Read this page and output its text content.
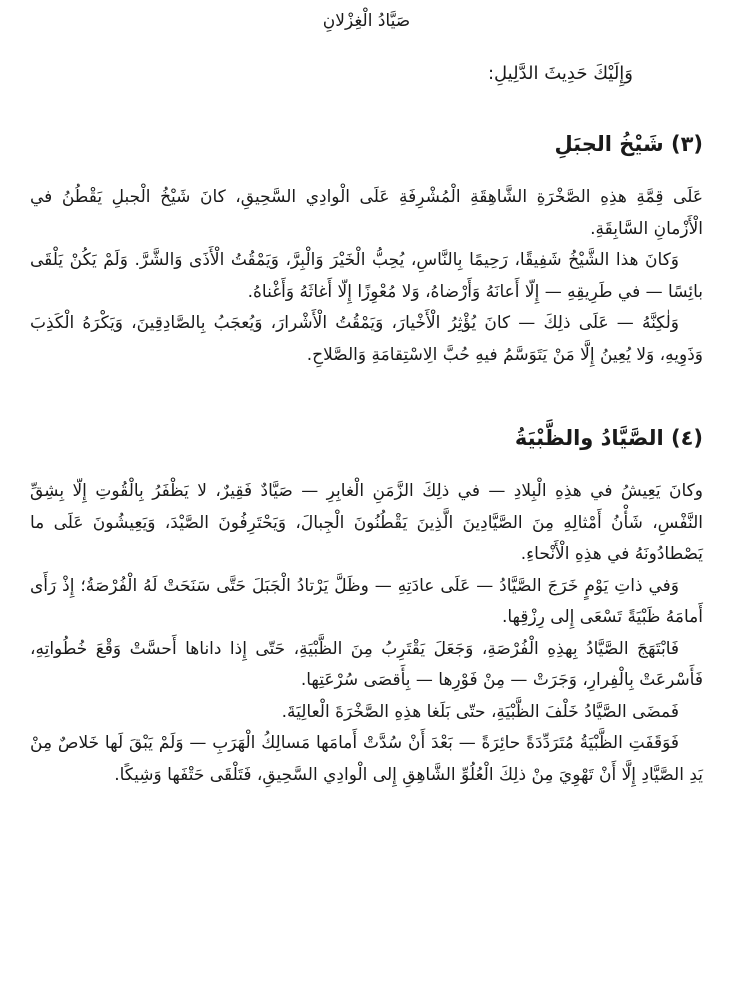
صَيَّادُ الْغِزْلانِ
وَإِلَيْكَ حَدِيثَ الدَّلِيلِ:
(٣) شَيْخُ الجبَلِ

عَلَى قِمَّةِ هذِهِ الصَّخْرَةِ الشَّاهِقَةِ الْمُشْرِفَةِ عَلَى الْوادِي السَّحِيقِ، كانَ شَيْخُ الْجبلِ يَقْطُنُ في الْأَزْمانِ السَّابِقَةِ.

وَكانَ هذا الشَّيْخُ شَفِيقًا، رَحِيمًا بِالنَّاسِ، يُحِبُّ الْخَيْرَ وَالْبِرَّ، وَيَمْقُتُ الْأَذَى وَالشَّرَّ. وَلَمْ يَكُنْ يَلْقَى بائِسًا — في طَرِيقِهِ — إِلّا أَعانَهُ وَأَرْضاهُ، وَلا مُعْوِزًا إِلّا أَغاثَهُ وَأَغْناهُ.

وَلٰكِنَّهُ — عَلَى ذلِكَ — كانَ يُؤْثِرُ الْأَخْيارَ، وَيَمْقُتُ الْأَشْرارَ، وَيُعجَبُ بِالصَّادِقِينَ، وَيَكْرَهُ الْكَذِبَ وَذَوِيهِ، وَلا يُعِينُ إِلَّا مَنْ يَتَوَسَّمُ فيهِ حُبَّ الِاسْتِقامَةِ وَالصَّلاحِ.

(٤) الصَّيَّادُ والظَّبْيَةُ

وكانَ يَعِيشُ في هذِهِ الْبِلادِ — في ذلِكَ الزَّمَنِ الْغابِرِ — صَيَّادٌ فَقِيرٌ، لا يَظْفَرُ بِالْقُوتِ إِلّا بِشِقِّ النَّفْسِ، شَأْنُ أَمْثالِهِ مِنَ الصَّيَّادِينَ الَّذِينَ يَقْطُنُونَ الْجِبالَ، وَيَحْتَرِفُونَ الصَّيْدَ، وَيَعِيشُونَ عَلَى ما يَصْطادُونَهُ في هذِهِ الْأَنْحاءِ.

وَفي ذاتِ يَوْمٍ خَرَجَ الصَّيَّادُ — عَلَى عادَتِهِ — وظَلَّ يَرْتادُ الْجَبَلَ حَتَّى سَنَحَتْ لَهُ الْفُرْصَةُ؛ إِذْ رَأَى أَمامَهُ ظَبْيَةً تَسْعَى إِلى رِزْقِها.

فَابْتَهَجَ الصَّيَّادُ بِهذِهِ الْفُرْصَةِ، وَجَعَلَ يَقْتَرِبُ مِنَ الظَّبْيَةِ، حَتّى إِذا داناها أَحسَّتْ وَقْعَ خُطُواتِهِ، فَأَسْرعَتْ بِالْفِرارِ، وَجَرَتْ — مِنْ فَوْرِها — بِأَقصَى سُرْعَتِها.

فَمضَى الصَّيَّادُ خَلْفَ الظَّبْيَةِ، حتّى بَلَغا هذِهِ الصَّخْرَةَ الْعالِيَةَ.

فَوَقَفَتِ الظَّبْيَةُ مُتَرَدِّدَةً حائِرَةً — بَعْدَ أَنْ سُدَّتْ أَمامَها مَسالِكُ الْهَرَبِ — وَلَمْ يَبْقَ لَها خَلاصٌ مِنْ يَدِ الصَّيَّادِ إِلَّا أَنْ تَهْوِيَ مِنْ ذلِكَ الْعُلُوِّ الشَّاهِقِ إِلى الْوادِي السَّحِيقِ، فَتَلْقَى حَتْفَها وَشِيكًا.
